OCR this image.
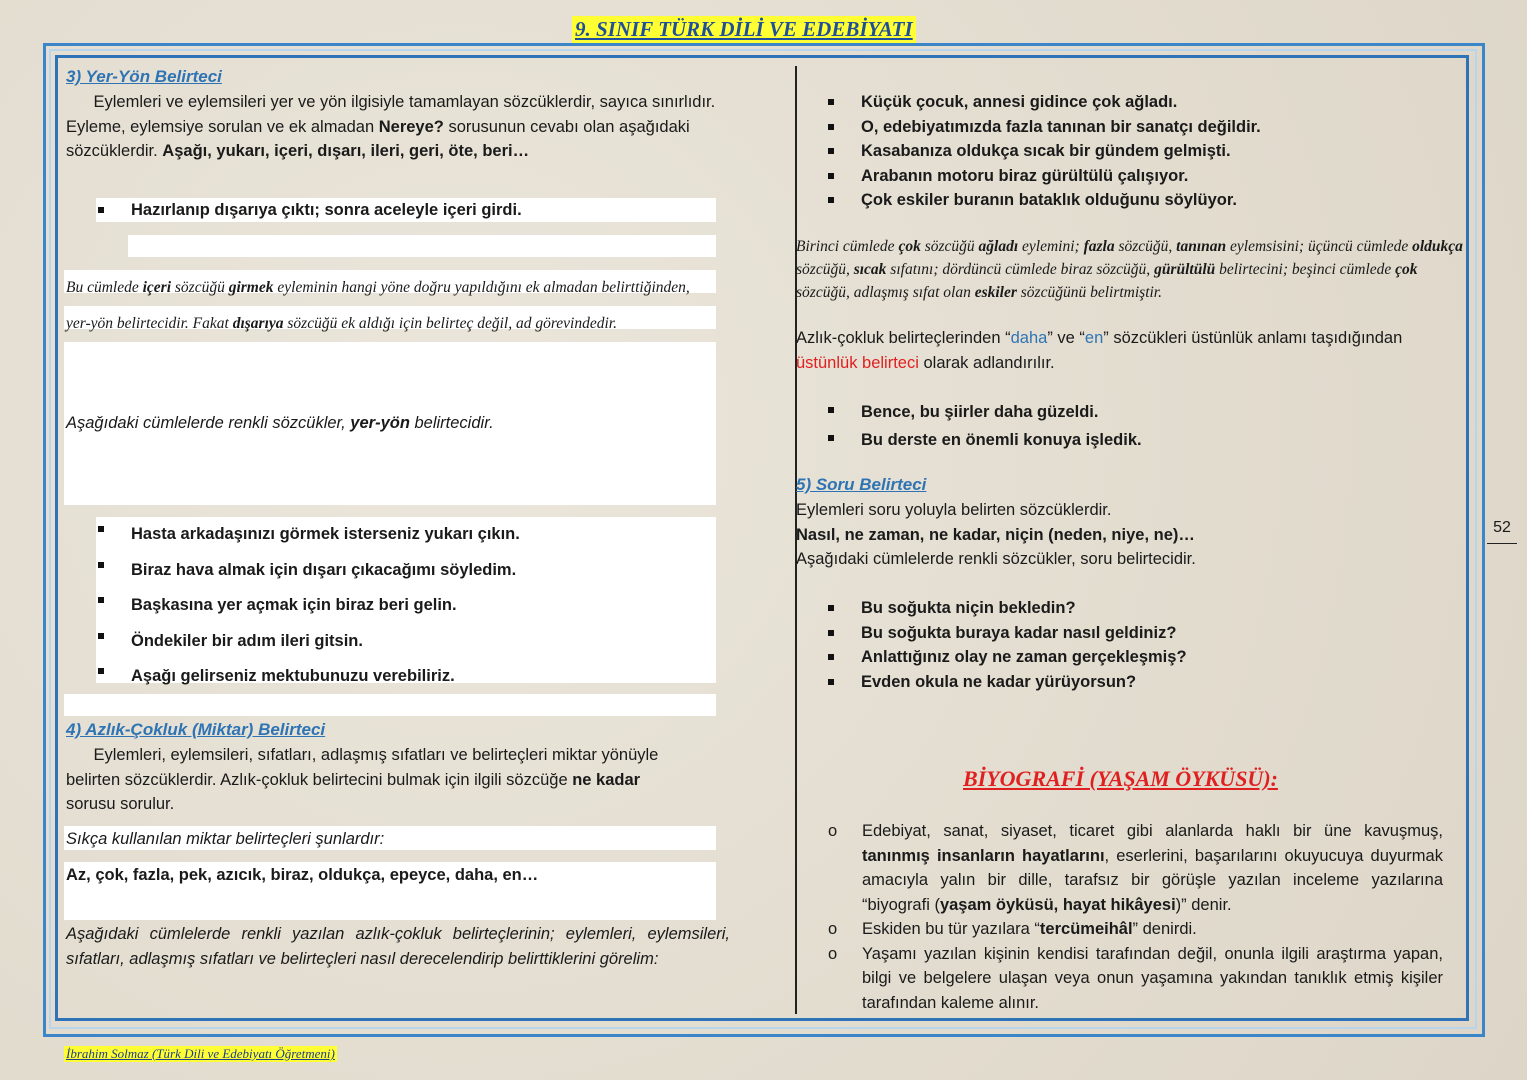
9. SINIF TÜRK DİLİ VE EDEBİYATI
3) Yer-Yön Belirteci
Eylemleri ve eylemsileri yer ve yön ilgisiyle tamamlayan sözcüklerdir, sayıca sınırlıdır. Eyleme, eylemsiye sorulan ve ek almadan Nereye? sorusunun cevabı olan aşağıdaki sözcüklerdir. Aşağı, yukarı, içeri, dışarı, ileri, geri, öte, beri…
Hazırlanıp dışarıya çıktı; sonra aceleyle içeri girdi.
Bu cümlede içeri sözcüğü girmek eyleminin hangi yöne doğru yapıldığını ek almadan belirttiğinden, yer-yön belirtecidir. Fakat dışarıya sözcüğü ek aldığı için belirteç değil, ad görevindedir.
Aşağıdaki cümlelerde renkli sözcükler, yer-yön belirtecidir.
Hasta arkadaşınızı görmek isterseniz yukarı çıkın.
Biraz hava almak için dışarı çıkacağımı söyledim.
Başkasına yer açmak için biraz beri gelin.
Öndekiler bir adım ileri gitsin.
Aşağı gelirseniz mektubunuzu verebiliriz.
4) Azlık-Çokluk (Miktar) Belirteci
Eylemleri, eylemsileri, sıfatları, adlaşmış sıfatları ve belirteçleri miktar yönüyle belirten sözcüklerdir. Azlık-çokluk belirtecini bulmak için ilgili sözcüğe ne kadar sorusu sorulur.
Sıkça kullanılan miktar belirteçleri şunlardır:
Az, çok, fazla, pek, azıcık, biraz, oldukça, epeyce, daha, en…
Aşağıdaki cümlelerde renkli yazılan azlık-çokluk belirteçlerinin; eylemleri, eylemsileri, sıfatları, adlaşmış sıfatları ve belirteçleri nasıl derecelendirip belirttiklerini görelim:
Küçük çocuk, annesi gidince çok ağladı.
O, edebiyatımızda fazla tanınan bir sanatçı değildir.
Kasabanıza oldukça sıcak bir gündem gelmişti.
Arabanın motoru biraz gürültülü çalışıyor.
Çok eskiler buranın bataklık olduğunu söylüyor.
Birinci cümlede çok sözcüğü ağladı eylemini; fazla sözcüğü, tanınan eylemsisini; üçüncü cümlede oldukça sözcüğü, sıcak sıfatını; dördüncü cümlede biraz sözcüğü, gürültülü belirtecini; beşinci cümlede çok sözcüğü, adlaşmış sıfat olan eskiler sözcüğünü belirtmiştir.
Azlık-çokluk belirteçlerinden “daha” ve “en” sözcükleri üstünlük anlamı taşıdığından üstünlük belirteci olarak adlandırılır.
Bence, bu şiirler daha güzeldi.
Bu derste en önemli konuya işledik.
5) Soru Belirteci
Eylemleri soru yoluyla belirten sözcüklerdir.
Nasıl, ne zaman, ne kadar, niçin (neden, niye, ne)…
Aşağıdaki cümlelerde renkli sözcükler, soru belirtecidir.
Bu soğukta niçin bekledin?
Bu soğukta buraya kadar nasıl geldiniz?
Anlattığınız olay ne zaman gerçekleşmiş?
Evden okula ne kadar yürüyorsun?
BİYOGRAFİ (YAŞAM ÖYKÜSÜ):
o Edebiyat, sanat, siyaset, ticaret gibi alanlarda haklı bir üne kavuşmuş, tanınmış insanların hayatlarını, eserlerini, başarılarını okuyucuya duyurmak amacıyla yalın bir dille, tarafsız bir görüşle yazılan inceleme yazılarına “biyografi (yaşam öyküsü, hayat hikâyesi)” denir.
o Eskiden bu tür yazılara “tercümeihâl” denirdi.
o Yaşamı yazılan kişinin kendisi tarafından değil, onunla ilgili araştırma yapan, bilgi ve belgelere ulaşan veya onun yaşamına yakından tanıklık etmiş kişiler tarafından kaleme alınır.
52
İbrahim Solmaz (Türk Dili ve Edebiyatı Öğretmeni)
